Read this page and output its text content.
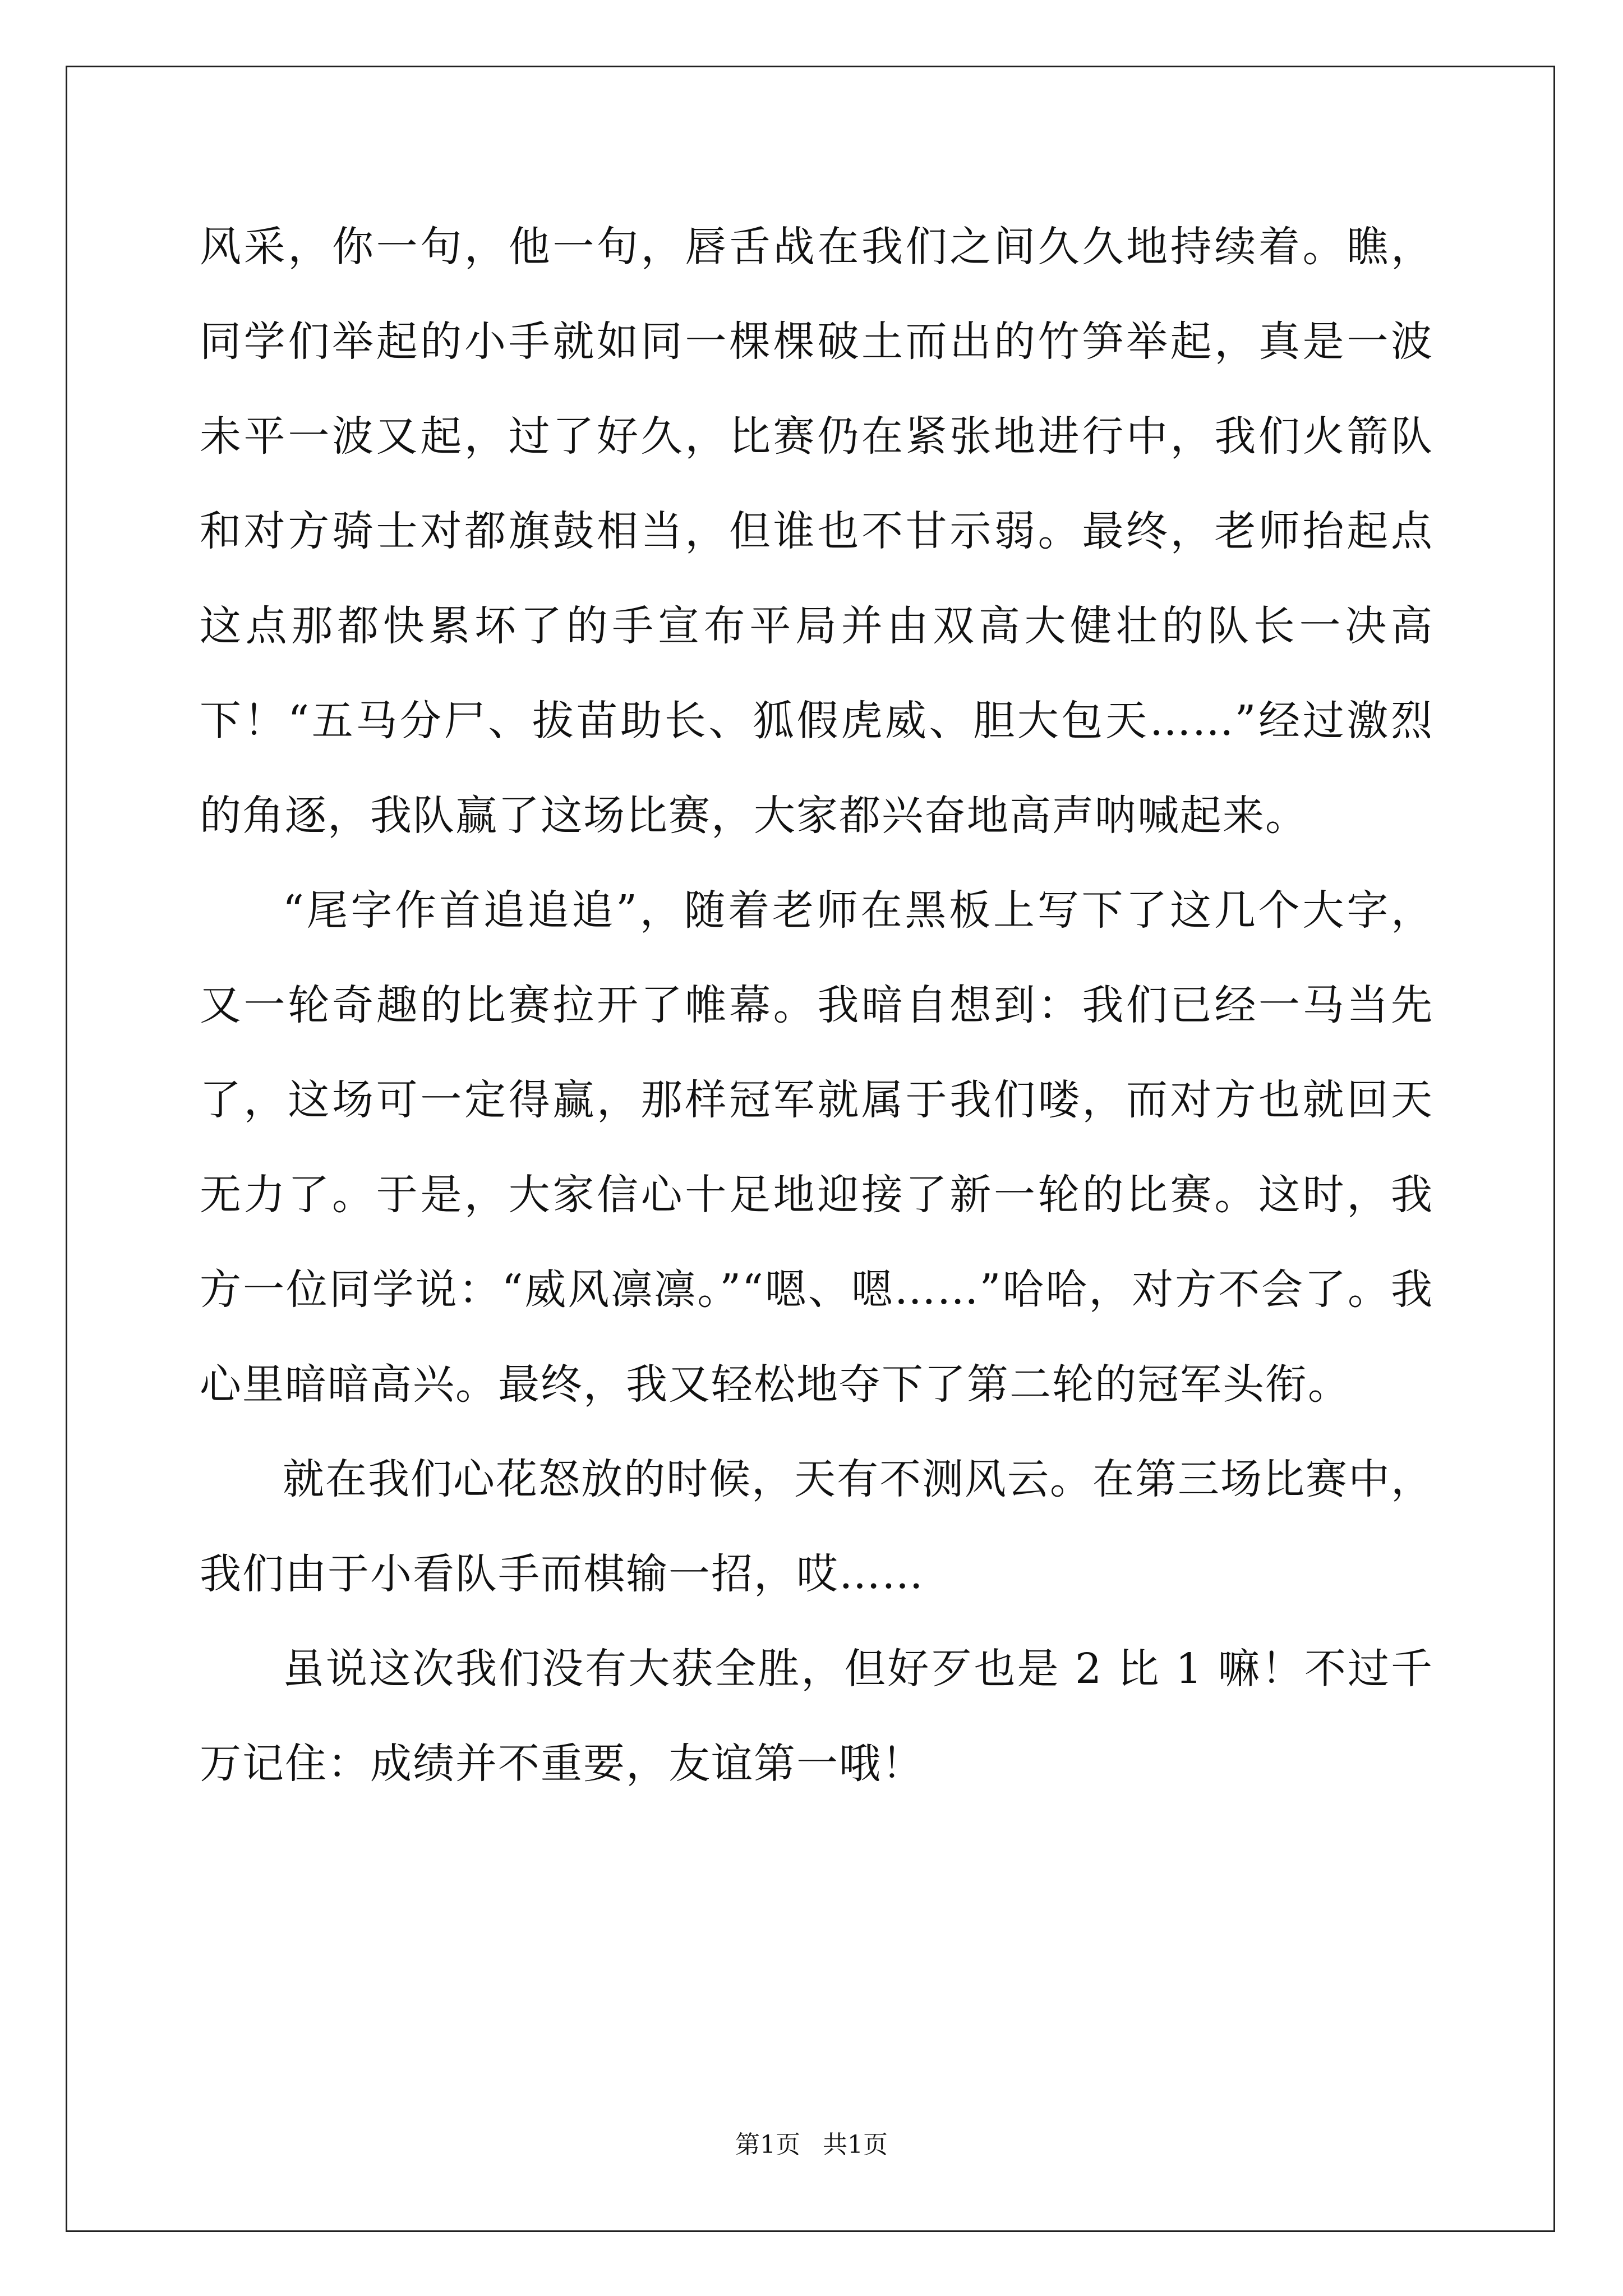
风采，你一句，他一句，唇舌战在我们之间久久地持续着。瞧，同学们举起的小手就如同一棵棵破土而出的竹笋举起，真是一波未平一波又起，过了好久，比赛仍在紧张地进行中，我们火箭队和对方骑士对都旗鼓相当，但谁也不甘示弱。最终，老师抬起点这点那都快累坏了的手宣布平局并由双高大健壮的队长一决高下！“五马分尸、拔苗助长、狐假虎威、胆大包天……”经过激烈的角逐，我队赢了这场比赛，大家都兴奋地高声呐喊起来。

“尾字作首追追追”，随着老师在黑板上写下了这几个大字，又一轮奇趣的比赛拉开了帷幕。我暗自想到：我们已经一马当先了，这场可一定得赢，那样冠军就属于我们喽，而对方也就回天无力了。于是，大家信心十足地迎接了新一轮的比赛。这时，我方一位同学说：“威风凛凛。”“嗯、嗯……”哈哈，对方不会了。我心里暗暗高兴。最终，我又轻松地夺下了第二轮的冠军头衔。

就在我们心花怒放的时候，天有不测风云。在第三场比赛中，我们由于小看队手而棋输一招，哎……

虽说这次我们没有大获全胜，但好歹也是 2 比 1 嘛！不过千万记住：成绩并不重要，友谊第一哦！

第1页 共1页
